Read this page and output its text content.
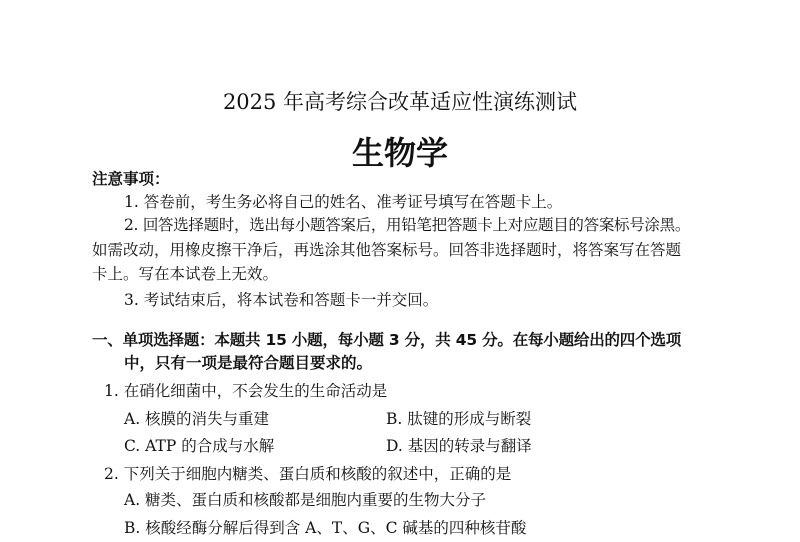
2025 年高考综合改革适应性演练测试
生物学
注意事项：
1. 答卷前，考生务必将自己的姓名、准考证号填写在答题卡上。
2. 回答选择题时，选出每小题答案后，用铅笔把答题卡上对应题目的答案标号涂黑。
如需改动，用橡皮擦干净后，再选涂其他答案标号。回答非选择题时，将答案写在答题
卡上。写在本试卷上无效。
3. 考试结束后，将本试卷和答题卡一并交回。
一、单项选择题：本题共 15 小题，每小题 3 分，共 45 分。在每小题给出的四个选项
中，只有一项是最符合题目要求的。
1. 在硝化细菌中，不会发生的生命活动是
A. 核膜的消失与重建	B. 肽键的形成与断裂
C. ATP 的合成与水解	D. 基因的转录与翻译
2. 下列关于细胞内糖类、蛋白质和核酸的叙述中，正确的是
A. 糖类、蛋白质和核酸都是细胞内重要的生物大分子
B. 核酸经酶分解后得到含 A、T、G、C 碱基的四种核苷酸
